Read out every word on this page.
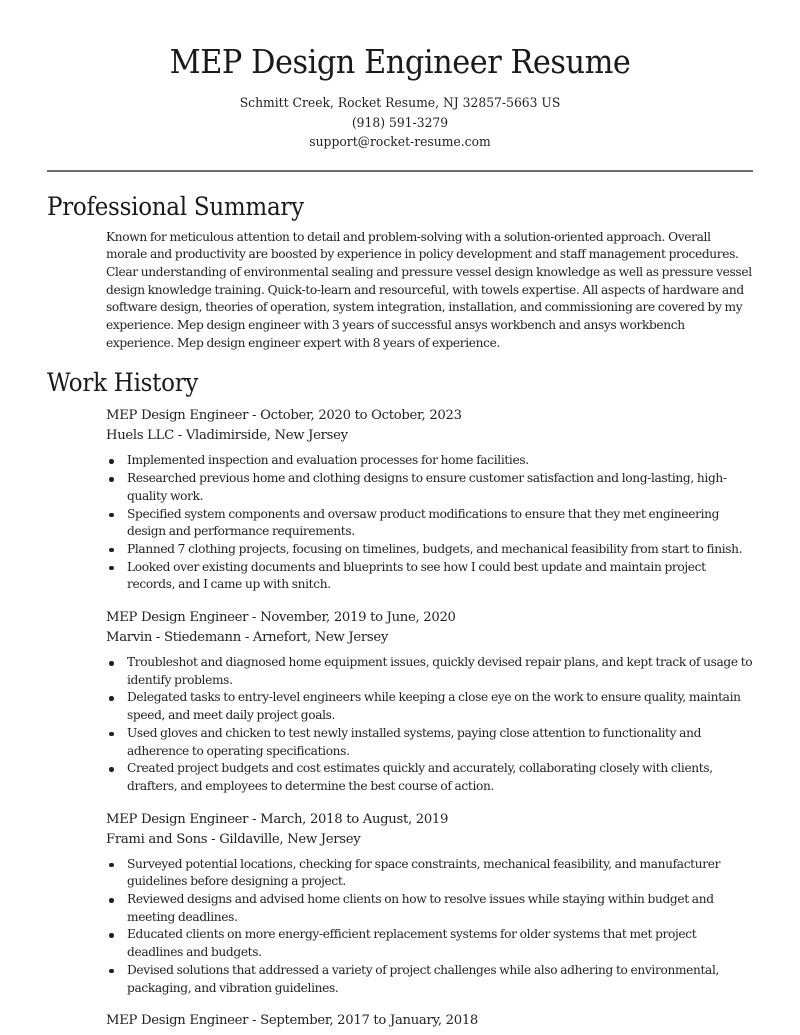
MEP Design Engineer Resume
Schmitt Creek, Rocket Resume, NJ 32857-5663 US
(918) 591-3279
support@rocket-resume.com
Professional Summary

Known for meticulous attention to detail and problem-solving with a solution-oriented approach. Overall morale and productivity are boosted by experience in policy development and staff management procedures. Clear understanding of environmental sealing and pressure vessel design knowledge as well as pressure vessel design knowledge training. Quick-to-learn and resourceful, with towels expertise. All aspects of hardware and software design, theories of operation, system integration, installation, and commissioning are covered by my experience. Mep design engineer with 3 years of successful ansys workbench and ansys workbench experience. Mep design engineer expert with 8 years of experience.

Work History
MEP Design Engineer - October, 2020 to October, 2023
Huels LLC - Vladimirside, New Jersey
Implemented inspection and evaluation processes for home facilities.
Researched previous home and clothing designs to ensure customer satisfaction and long-lasting, high-quality work.
Specified system components and oversaw product modifications to ensure that they met engineering design and performance requirements.
Planned 7 clothing projects, focusing on timelines, budgets, and mechanical feasibility from start to finish.
Looked over existing documents and blueprints to see how I could best update and maintain project records, and I came up with snitch.
MEP Design Engineer - November, 2019 to June, 2020
Marvin - Stiedemann - Arnefort, New Jersey
Troubleshot and diagnosed home equipment issues, quickly devised repair plans, and kept track of usage to identify problems.
Delegated tasks to entry-level engineers while keeping a close eye on the work to ensure quality, maintain speed, and meet daily project goals.
Used gloves and chicken to test newly installed systems, paying close attention to functionality and adherence to operating specifications.
Created project budgets and cost estimates quickly and accurately, collaborating closely with clients, drafters, and employees to determine the best course of action.
MEP Design Engineer - March, 2018 to August, 2019
Frami and Sons - Gildaville, New Jersey
Surveyed potential locations, checking for space constraints, mechanical feasibility, and manufacturer guidelines before designing a project.
Reviewed designs and advised home clients on how to resolve issues while staying within budget and meeting deadlines.
Educated clients on more energy-efficient replacement systems for older systems that met project deadlines and budgets.
Devised solutions that addressed a variety of project challenges while also adhering to environmental, packaging, and vibration guidelines.
MEP Design Engineer - September, 2017 to January, 2018
